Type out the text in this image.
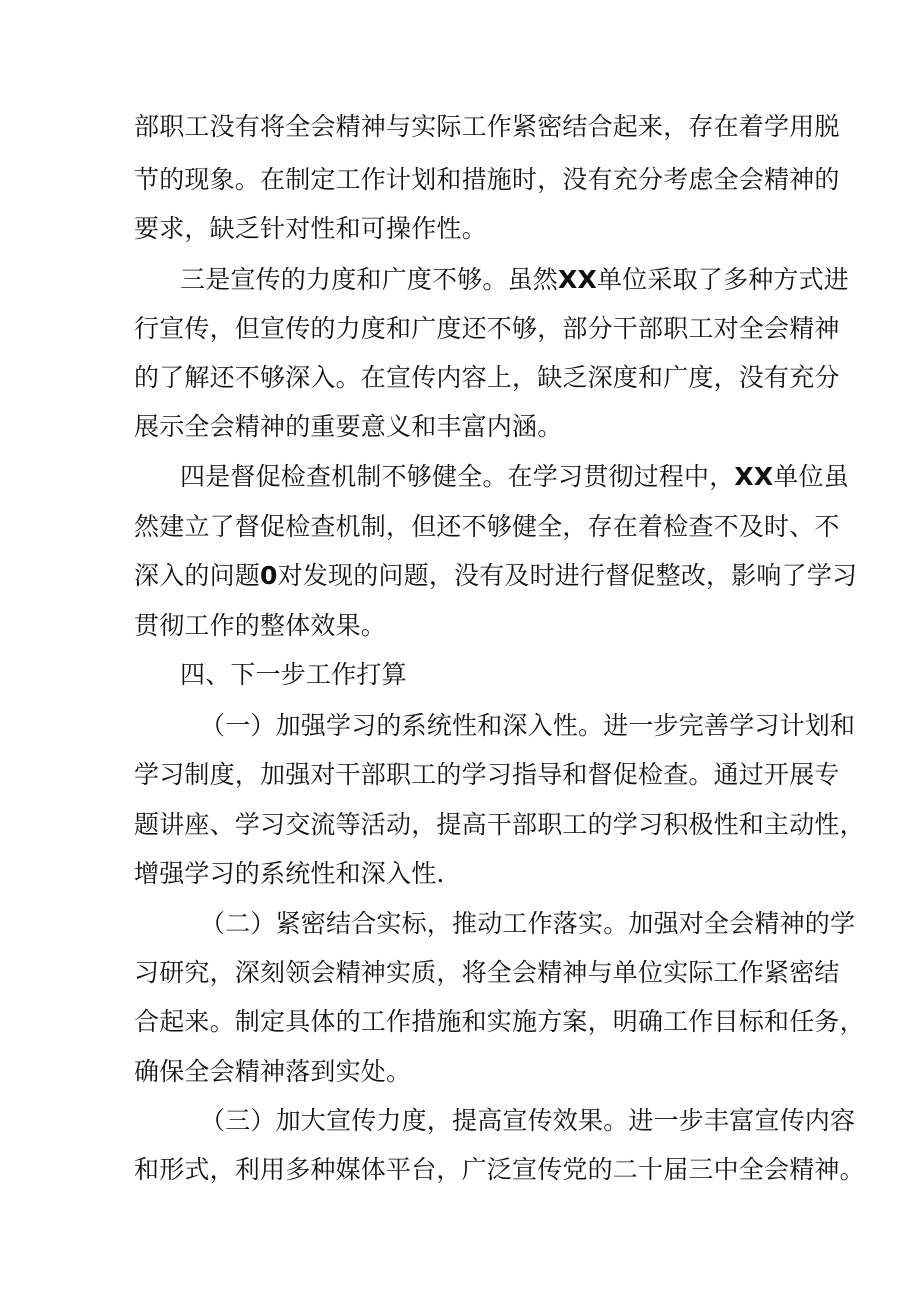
部职工没有将全会精神与实际工作紧密结合起来，存在着学用脱
节的现象。在制定工作计划和措施时，没有充分考虑全会精神的
要求，缺乏针对性和可操作性。
三是宣传的力度和广度不够。虽然XX单位采取了多种方式进
行宣传，但宣传的力度和广度还不够，部分干部职工对全会精神
的了解还不够深入。在宣传内容上，缺乏深度和广度，没有充分
展示全会精神的重要意义和丰富内涵。
四是督促检查机制不够健全。在学习贯彻过程中，XX单位虽
然建立了督促检查机制，但还不够健全，存在着检查不及时、不
深入的问题0对发现的问题，没有及时进行督促整改，影响了学习
贯彻工作的整体效果。
四、下一步工作打算
（一）加强学习的系统性和深入性。进一步完善学习计划和
学习制度，加强对干部职工的学习指导和督促检查。通过开展专
题讲座、学习交流等活动，提高干部职工的学习积极性和主动性，
增强学习的系统性和深入性.
（二）紧密结合实标，推动工作落实。加强对全会精神的学
习研究，深刻领会精神实质，将全会精神与单位实际工作紧密结
合起来。制定具体的工作措施和实施方案，明确工作目标和任务，
确保全会精神落到实处。
（三）加大宣传力度，提高宣传效果。进一步丰富宣传内容
和形式，利用多种媒体平台，广泛宣传党的二十届三中全会精神。
